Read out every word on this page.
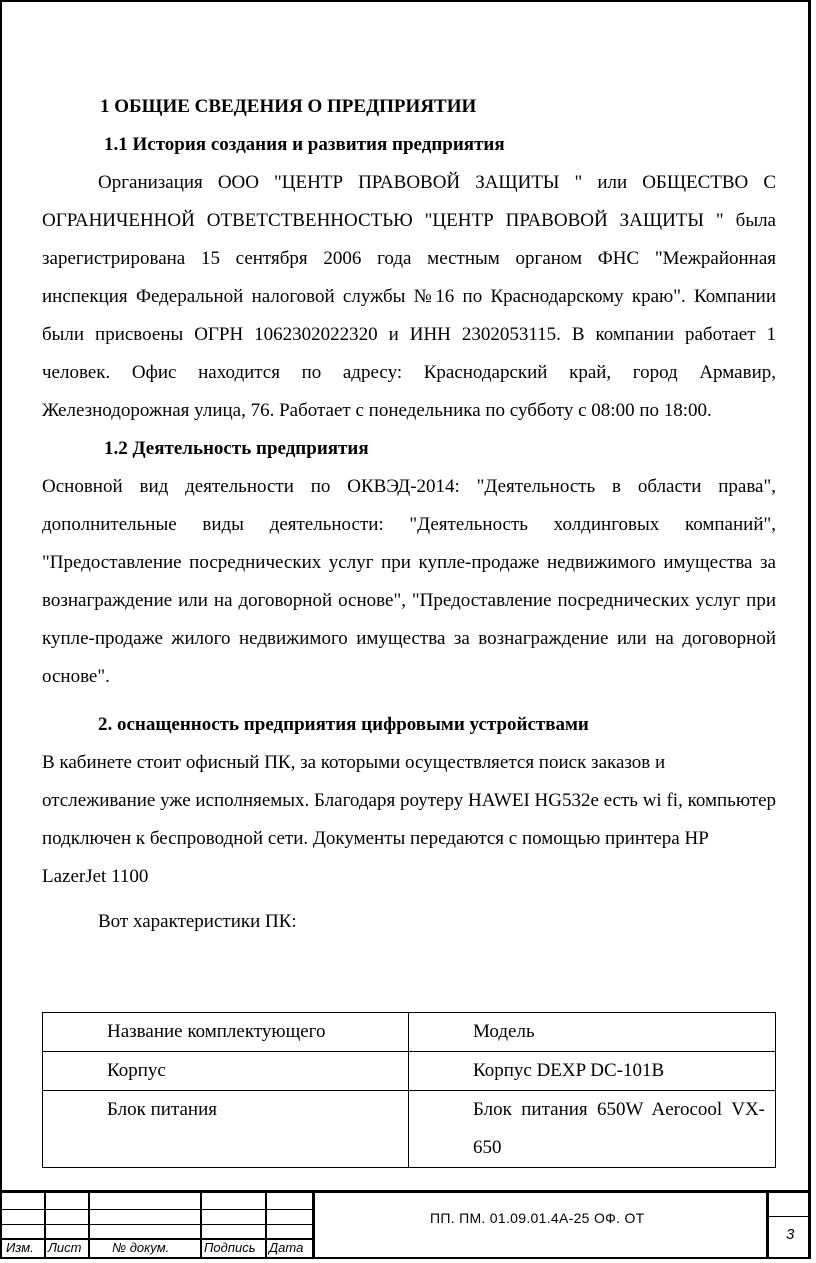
1 ОБЩИЕ СВЕДЕНИЯ О ПРЕДПРИЯТИИ
1.1 История создания и развития предприятия

Организация ООО "ЦЕНТР ПРАВОВОЙ ЗАЩИТЫ " или ОБЩЕСТВО С ОГРАНИЧЕННОЙ ОТВЕТСТВЕННОСТЬЮ "ЦЕНТР ПРАВОВОЙ ЗАЩИТЫ " была зарегистрирована 15 сентября 2006 года местным органом ФНС "Межрайонная инспекция Федеральной налоговой службы №16 по Краснодарскому краю". Компании были присвоены ОГРН 1062302022320 и ИНН 2302053115. В компании работает 1 человек. Офис находится по адресу: Краснодарский край, город Армавир, Железнодорожная улица, 76. Работает с понедельника по субботу с 08:00 по 18:00.

1.2 Деятельность предприятия

Основной вид деятельности по ОКВЭД-2014: "Деятельность в области права", дополнительные виды деятельности: "Деятельность холдинговых компаний", "Предоставление посреднических услуг при купле-продаже недвижимого имущества за вознаграждение или на договорной основе", "Предоставление посреднических услуг при купле-продаже жилого недвижимого имущества за вознаграждение или на договорной основе".

2. оснащенность предприятия цифровыми устройствами

В кабинете стоит офисный ПК, за которыми осуществляется поиск заказов и отслеживание уже исполняемых. Благодаря роутеру HAWEI HG532e есть wi fi, компьютер подключен к беспроводной сети. Документы передаются с помощью принтера HP LazerJet 1100

Вот характеристики ПК:
Название комплектующего	Модель
Корпус	Корпус DEXP DC-101B
Блок питания	Блок питания 650W Aerocool VX-650
Изм. Лист № докум.	Подпись Дата
ПП. ПМ. 01.09.01.4А-25 ОФ. ОТ
3
